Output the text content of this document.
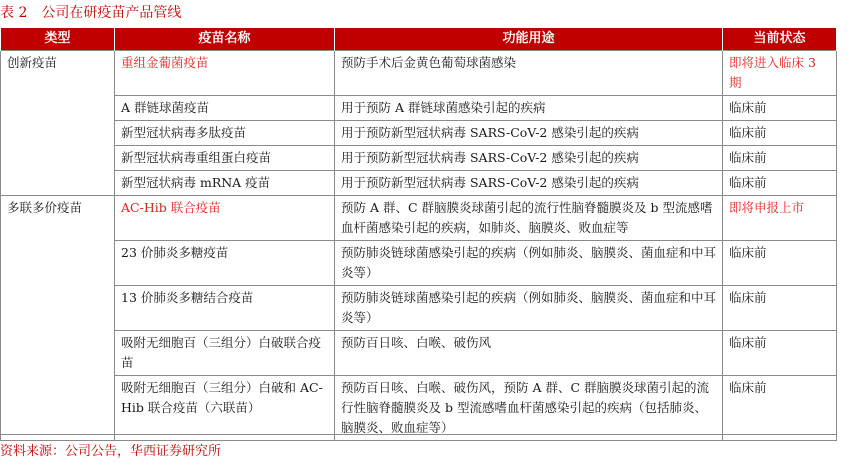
表 2 公司在研疫苗产品管线
类型	疫苗名称	功能用途	当前状态
创新疫苗	重组金葡菌疫苗	预防手术后金黄色葡萄球菌感染	即将进入临床 3 期
	A 群链球菌疫苗	用于预防 A 群链球菌感染引起的疾病	临床前
	新型冠状病毒多肽疫苗	用于预防新型冠状病毒 SARS-CoV-2 感染引起的疾病	临床前
	新型冠状病毒重组蛋白疫苗	用于预防新型冠状病毒 SARS-CoV-2 感染引起的疾病	临床前
	新型冠状病毒 mRNA 疫苗	用于预防新型冠状病毒 SARS-CoV-2 感染引起的疾病	临床前
多联多价疫苗	AC-Hib 联合疫苗	预防 A 群、C 群脑膜炎球菌引起的流行性脑脊髓膜炎及 b 型流感嗜血杆菌感染引起的疾病，如肺炎、脑膜炎、败血症等	即将申报上市
	23 价肺炎多糖疫苗	预防肺炎链球菌感染引起的疾病（例如肺炎、脑膜炎、菌血症和中耳炎等）	临床前
	13 价肺炎多糖结合疫苗	预防肺炎链球菌感染引起的疾病（例如肺炎、脑膜炎、菌血症和中耳炎等）	临床前
	吸附无细胞百（三组分）白破联合疫苗	预防百日咳、白喉、破伤风	临床前
	吸附无细胞百（三组分）白破和 AC-Hib 联合疫苗（六联苗）	预防百日咳、白喉、破伤风，预防 A 群、C 群脑膜炎球菌引起的流行性脑脊髓膜炎及 b 型流感嗜血杆菌感染引起的疾病（包括肺炎、脑膜炎、败血症等）	临床前
资料来源：公司公告，华西证券研究所
